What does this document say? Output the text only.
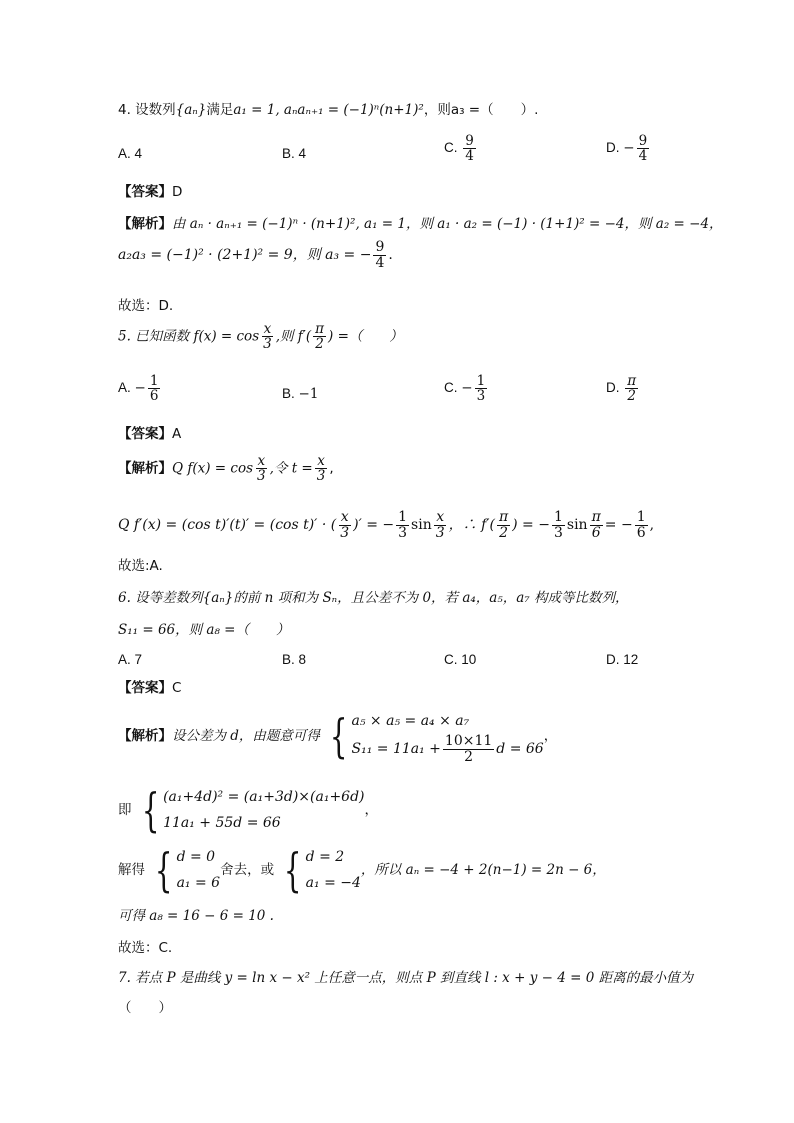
4. 设数列{aₙ}满足a₁ = 1, aₙaₙ₊₁ = (−1)ⁿ(n+1)²，则a₃ =（　　）.
A. 4	B. 4	C. $\frac{9}{4}$	D. − $\frac{9}{4}$
【答案】D
【解析】由 aₙ · aₙ₊₁ = (−1)ⁿ · (n+1)², a₁ = 1，则 a₁ · a₂ = (−1) · (1+1)² = −4，则 a₂ = −4，
a₂a₃ = (−1)² · (2+1)² = 9，则 a₃ = − $\frac{9}{4}$ .
故选：D.
5. 已知函数 $f(x) = \cos \frac{x}{3}$ ,则 $f'( \frac{\pi}{2}$ ) =（　　）
A. − $\frac{1}{6}$	B. −1	C. − $\frac{1}{3}$	D. $\frac{\pi}{2}$
【答案】A
【解析】Q $f(x) = \cos \frac{x}{3}$ ,令 $t = \frac{x}{3}$ ,
Q f′(x) = (cos t)′(t)′ = (cos t)′ · ( $\frac{x}{3}$ )′ = − $\frac{1}{3}$ $\sin \frac{x}{3}$ ，∴ $f'( \frac{\pi}{2}$ ) = − $\frac{1}{3}$ $\sin \frac{\pi}{6}$ = − $\frac{1}{6}$ ,
故选:A.
6. 设等差数列{aₙ}的前 n 项和为 Sₙ，且公差不为 0，若 a₄，a₅，a₇ 构成等比数列，
S₁₁ = 66，则 a₈ =（　　）
A. 7	B. 8	C. 10	D. 12
【答案】C
【解析】设公差为 d，由题意可得 { a₅ × a₅ = a₄ × a₇
$S_{11} = 11a_1 + \frac{10\times 11}{2}$ d = 66
，
即 { (a₁+4d)² = (a₁+3d)×(a₁+6d)
11a₁ + 55d = 66
，
解得 { d = 0
a₁ = 6
舍去，或 { d = 2
a₁ = −4
，所以 aₙ = −4 + 2(n−1) = 2n − 6，
可得 a₈ = 16 − 6 = 10 .
故选：C.
7. 若点 P 是曲线 y = ln x − x² 上任意一点，则点 P 到直线 l : x + y − 4 = 0 距离的最小值为
（　　）
